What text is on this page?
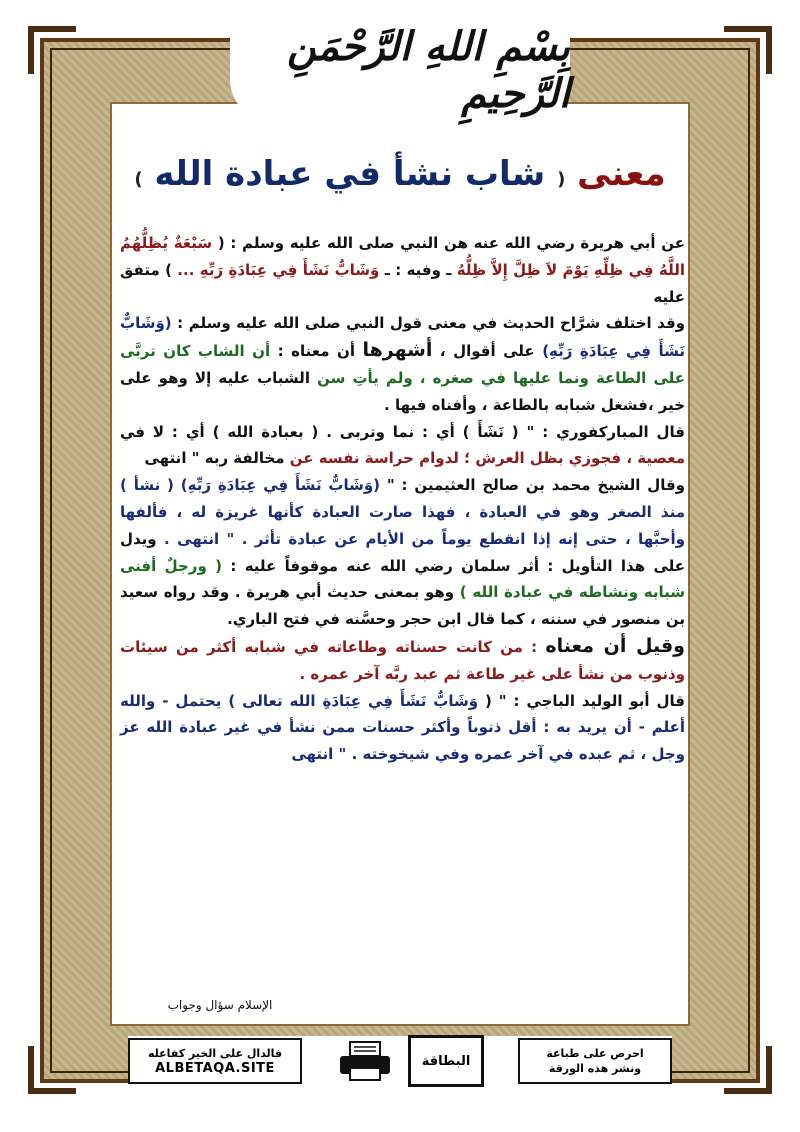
بِسْمِ اللهِ الرَّحْمَنِ الرَّحِيمِ
معنى ( شاب نشأ في عبادة الله )

عن أبي هريرة رضي الله عنه هن النبي صلى الله عليه وسلم : ( سَبْعَةٌ يُظِلُّهُمُ اللَّهُ فِي ظِلِّهِ يَوْمَ لاَ ظِلَّ إِلاَّ ظِلُّهُ ـ وفيه : ـ وَشَابٌّ نَشَأَ فِي عِبَادَةِ رَبِّهِ ... ) متفق عليه

وقد اختلف شرَّاح الحديث في معنى قول النبي صلى الله عليه وسلم : (وَشَابٌّ نَشَأَ فِي عِبَادَةِ رَبِّهِ) على أقوال ، أشهرها أن معناه : أن الشاب كان تربَّى على الطاعة ونما عليها في صغره ، ولم يأتِ سن الشباب عليه إلا وهو على خير ،فشغل شبابه بالطاعة ، وأفناه فيها .

قال المباركفوري : " ( نَشَأَ ) أي : نما وتربى . ( بعبادة الله ) أي : لا في معصية ، فجوزي بظل العرش ؛ لدوام حراسة نفسه عن مخالفة ربه " انتهى

وقال الشيخ محمد بن صالح العثيمين : " (وَشَابٌّ نَشَأَ فِي عِبَادَةِ رَبِّهِ) ( نشأ ) منذ الصغر وهو في العبادة ، فهذا صارت العبادة كأنها غريزة له ، فألفها وأحبَّها ، حتى إنه إذا انقطع يوماً من الأيام عن عبادة تأثر . " انتهى . ويدل على هذا التأويل : أثر سلمان رضي الله عنه موقوفاً عليه : ( ورجلٌ أفنى شبابه ونشاطه في عبادة الله ) وهو بمعنى حديث أبي هريرة . وقد رواه سعيد بن منصور في سننه ، كما قال ابن حجر وحسَّنه في فتح الباري.

وقيل أن معناه : من كانت حسناته وطاعاته في شبابه أكثر من سيئات وذنوب من نشأ على غير طاعة ثم عبد ربَّه آخر عمره .

قال أبو الوليد الباجي : " ( وَشَابٌّ نَشَأَ فِي عِبَادَةِ الله تعالى ) يحتمل - والله أعلم - أن يريد به : أقل ذنوباً وأكثر حسنات ممن نشأ في غير عبادة الله عز وجل ، ثم عبده في آخر عمره وفي شيخوخته . " انتهى

الإسلام سؤال وجواب
فالدال على الخير كفاعله
ALBETAQA.SITE	البطاقة	احرص على طباعة
ونشر هذه الورقة
